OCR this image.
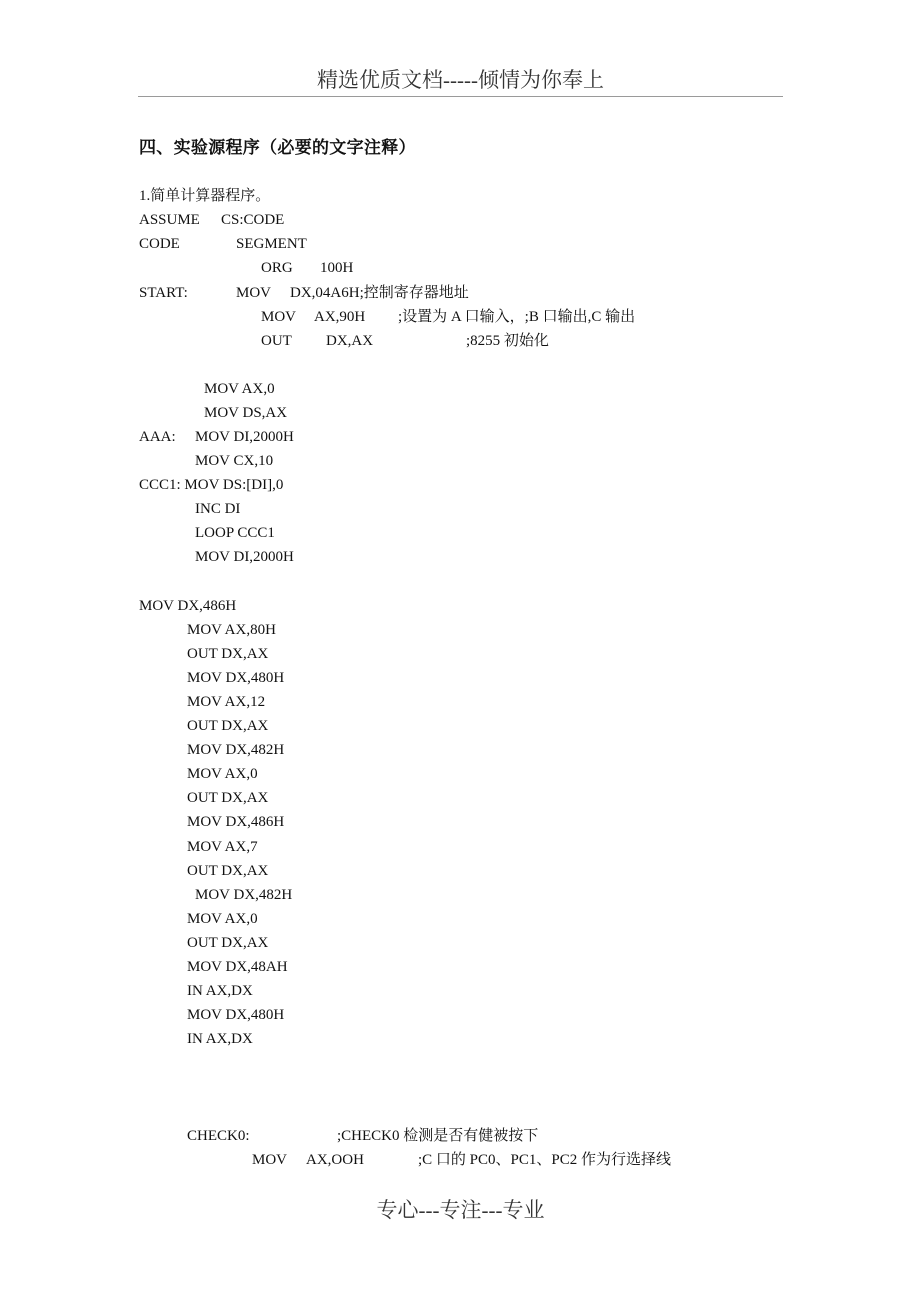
精选优质文档-----倾情为你奉上
四、实验源程序（必要的文字注释）
1.简单计算器程序。
ASSUME CS:CODE
CODE	SEGMENT
ORG 100H
START:	MOV DX,04A6H;控制寄存器地址
MOV AX,90H ;设置为 A 口输入，;B 口输出,C 输出
OUT DX,AX	;8255 初始化
MOV AX,0
MOV DS,AX
AAA: MOV DI,2000H
MOV CX,10
CCC1: MOV DS:[DI],0
INC DI
LOOP CCC1
MOV DI,2000H
MOV DX,486H
MOV AX,80H
OUT DX,AX
MOV DX,480H
MOV AX,12
OUT DX,AX
MOV DX,482H
MOV AX,0
OUT DX,AX
MOV DX,486H
MOV AX,7
OUT DX,AX
MOV DX,482H
MOV AX,0
OUT DX,AX
MOV DX,48AH
IN AX,DX
MOV DX,480H
IN AX,DX
CHECK0:	;CHECK0 检测是否有健被按下
MOV AX,OOH	;C 口的 PC0、PC1、PC2 作为行选择线
专心---专注---专业
